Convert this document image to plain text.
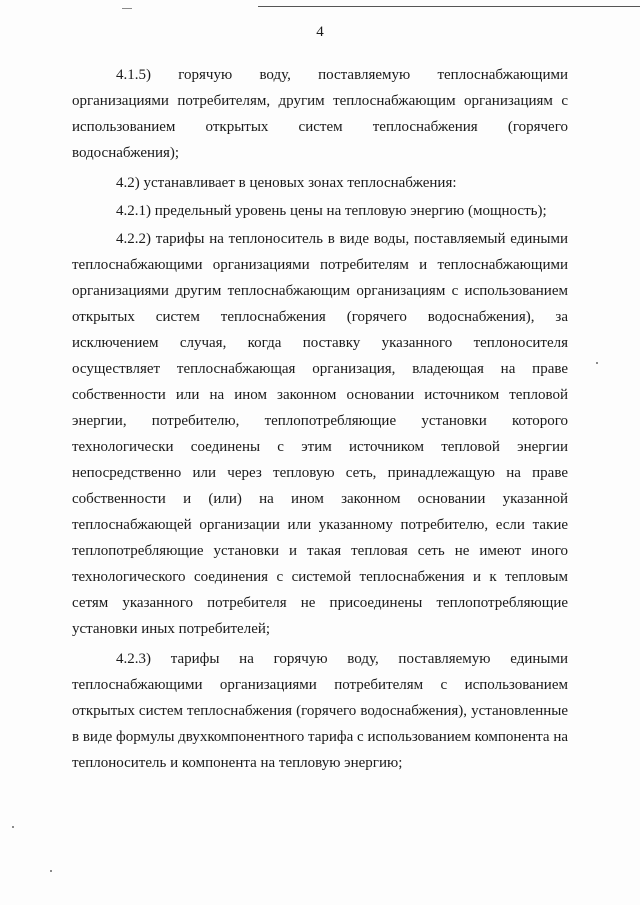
4

4.1.5) горячую воду, поставляемую теплоснабжающими организациями потребителям, другим теплоснабжающим организациям с использованием открытых систем теплоснабжения (горячего водоснабжения);

4.2) устанавливает в ценовых зонах теплоснабжения:

4.2.1) предельный уровень цены на тепловую энергию (мощность);

4.2.2) тарифы на теплоноситель в виде воды, поставляемый едиными теплоснабжающими организациями потребителям и теплоснабжающими организациями другим теплоснабжающим организациям с использованием открытых систем теплоснабжения (горячего водоснабжения), за исключением случая, когда поставку указанного теплоносителя осуществляет теплоснабжающая организация, владеющая на праве собственности или на ином законном основании источником тепловой энергии, потребителю, теплопотребляющие установки которого технологически соединены с этим источником тепловой энергии непосредственно или через тепловую сеть, принадлежащую на праве собственности и (или) на ином законном основании указанной теплоснабжающей организации или указанному потребителю, если такие теплопотребляющие установки и такая тепловая сеть не имеют иного технологического соединения с системой теплоснабжения и к тепловым сетям указанного потребителя не присоединены теплопотребляющие установки иных потребителей;

4.2.3) тарифы на горячую воду, поставляемую едиными теплоснабжающими организациями потребителям с использованием открытых систем теплоснабжения (горячего водоснабжения), установленные в виде формулы двухкомпонентного тарифа с использованием компонента на теплоноситель и компонента на тепловую энергию;
